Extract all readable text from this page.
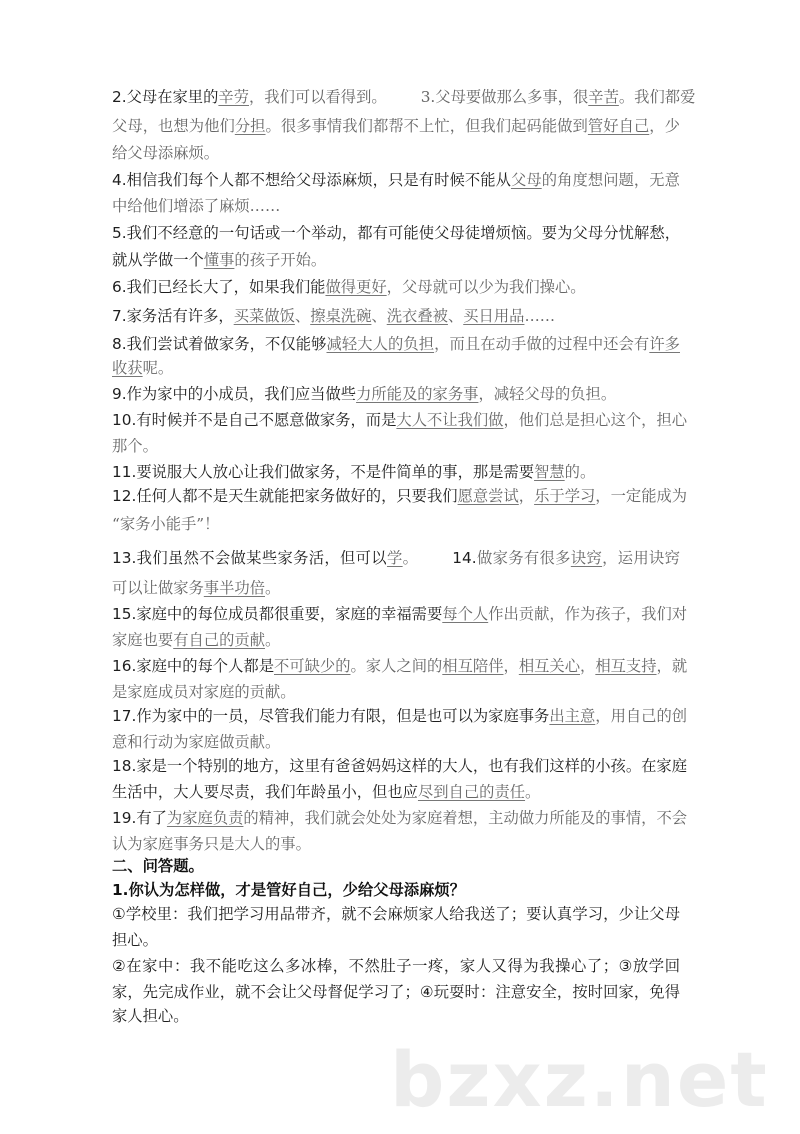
2.父母在家里的辛劳，我们可以看得到。 3.父母要做那么多事，很辛苦。我们都爱
父母，也想为他们分担。很多事情我们都帮不上忙，但我们起码能做到管好自己，少
给父母添麻烦。
4.相信我们每个人都不想给父母添麻烦，只是有时候不能从父母的角度想问题，无意
中给他们增添了麻烦……
5.我们不经意的一句话或一个举动，都有可能使父母徒增烦恼。要为父母分忧解愁，
就从学做一个懂事的孩子开始。
6.我们已经长大了，如果我们能做得更好，父母就可以少为我们操心。
7.家务活有许多，买菜做饭、擦桌洗碗、洗衣叠被、买日用品……
8.我们尝试着做家务，不仅能够减轻大人的负担，而且在动手做的过程中还会有许多
收获呢。
9.作为家中的小成员，我们应当做些力所能及的家务事，减轻父母的负担。
10.有时候并不是自己不愿意做家务，而是大人不让我们做，他们总是担心这个，担心
那个。
11.要说服大人放心让我们做家务，不是件简单的事，那是需要智慧的。
12.任何人都不是天生就能把家务做好的，只要我们愿意尝试，乐于学习，一定能成为
“家务小能手”！
13.我们虽然不会做某些家务活，但可以学。 14.做家务有很多诀窍，运用诀窍
可以让做家务事半功倍。
15.家庭中的每位成员都很重要，家庭的幸福需要每个人作出贡献，作为孩子，我们对
家庭也要有自己的贡献。
16.家庭中的每个人都是不可缺少的。家人之间的相互陪伴，相互关心，相互支持，就
是家庭成员对家庭的贡献。
17.作为家中的一员，尽管我们能力有限，但是也可以为家庭事务出主意，用自己的创
意和行动为家庭做贡献。
18.家是一个特别的地方，这里有爸爸妈妈这样的大人，也有我们这样的小孩。在家庭
生活中，大人要尽责，我们年龄虽小，但也应尽到自己的责任。
19.有了为家庭负责的精神，我们就会处处为家庭着想，主动做力所能及的事情，不会
认为家庭事务只是大人的事。
二、问答题。
1.你认为怎样做，才是管好自己，少给父母添麻烦？
①学校里：我们把学习用品带齐，就不会麻烦家人给我送了；要认真学习，少让父母
担心。
②在家中：我不能吃这么多冰棒，不然肚子一疼，家人又得为我操心了；③放学回
家，先完成作业，就不会让父母督促学习了；④玩耍时：注意安全，按时回家，免得
家人担心。
bzxz.net
